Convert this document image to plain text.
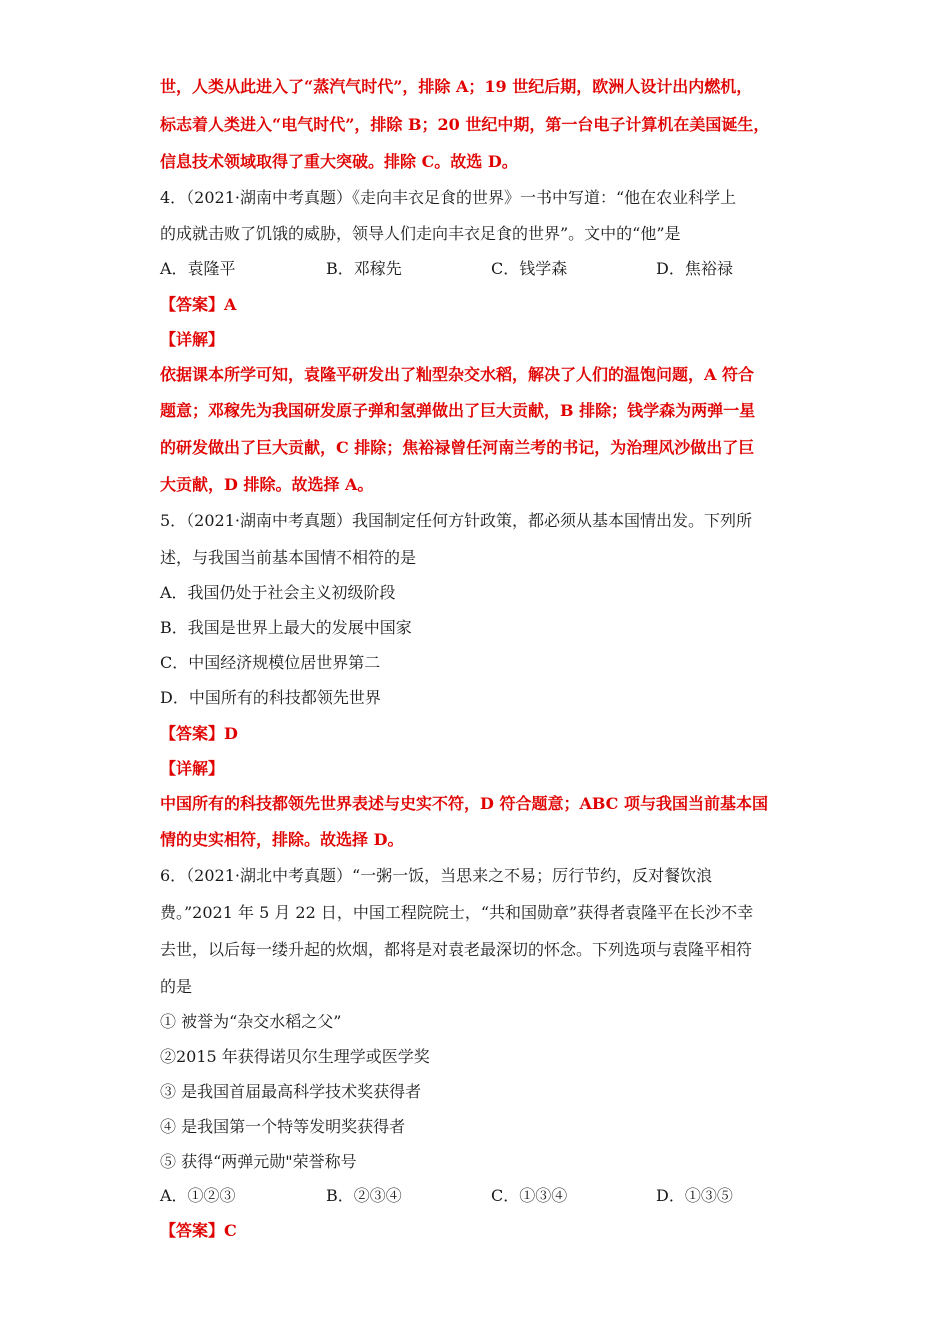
世，人类从此进入了“蒸汽气时代”，排除 A；19 世纪后期，欧洲人设计出内燃机，
标志着人类进入“电气时代”，排除 B；20 世纪中期，第一台电子计算机在美国诞生，
信息技术领域取得了重大突破。排除 C。故选 D。
4．（2021·湖南中考真题）《走向丰衣足食的世界》一书中写道：“他在农业科学上
的成就击败了饥饿的威胁，领导人们走向丰衣足食的世界”。文中的“他”是
A．袁隆平	B．邓稼先	C．钱学森	D．焦裕禄
【答案】A
【详解】
依据课本所学可知，袁隆平研发出了籼型杂交水稻，解决了人们的温饱问题，A 符合
题意；邓稼先为我国研发原子弹和氢弹做出了巨大贡献，B 排除；钱学森为两弹一星
的研发做出了巨大贡献，C 排除；焦裕禄曾任河南兰考的书记，为治理风沙做出了巨
大贡献，D 排除。故选择 A。
5．（2021·湖南中考真题）我国制定任何方针政策，都必须从基本国情出发。下列所
述，与我国当前基本国情不相符的是
A．我国仍处于社会主义初级阶段
B．我国是世界上最大的发展中国家
C．中国经济规模位居世界第二
D．中国所有的科技都领先世界
【答案】D
【详解】
中国所有的科技都领先世界表述与史实不符，D 符合题意；ABC 项与我国当前基本国
情的史实相符，排除。故选择 D。
6．（2021·湖北中考真题）“一粥一饭，当思来之不易；厉行节约，反对餐饮浪
费。”2021 年 5 月 22 日，中国工程院院士，“共和国勋章”获得者袁隆平在长沙不幸
去世，以后每一缕升起的炊烟，都将是对袁老最深切的怀念。下列选项与袁隆平相符
的是
① 被誉为“杂交水稻之父”
②2015 年获得诺贝尔生理学或医学奖
③ 是我国首届最高科学技术奖获得者
④ 是我国第一个特等发明奖获得者
⑤ 获得“两弹元勋"荣誉称号
A．①②③	B．②③④	C．①③④	D．①③⑤
【答案】C
